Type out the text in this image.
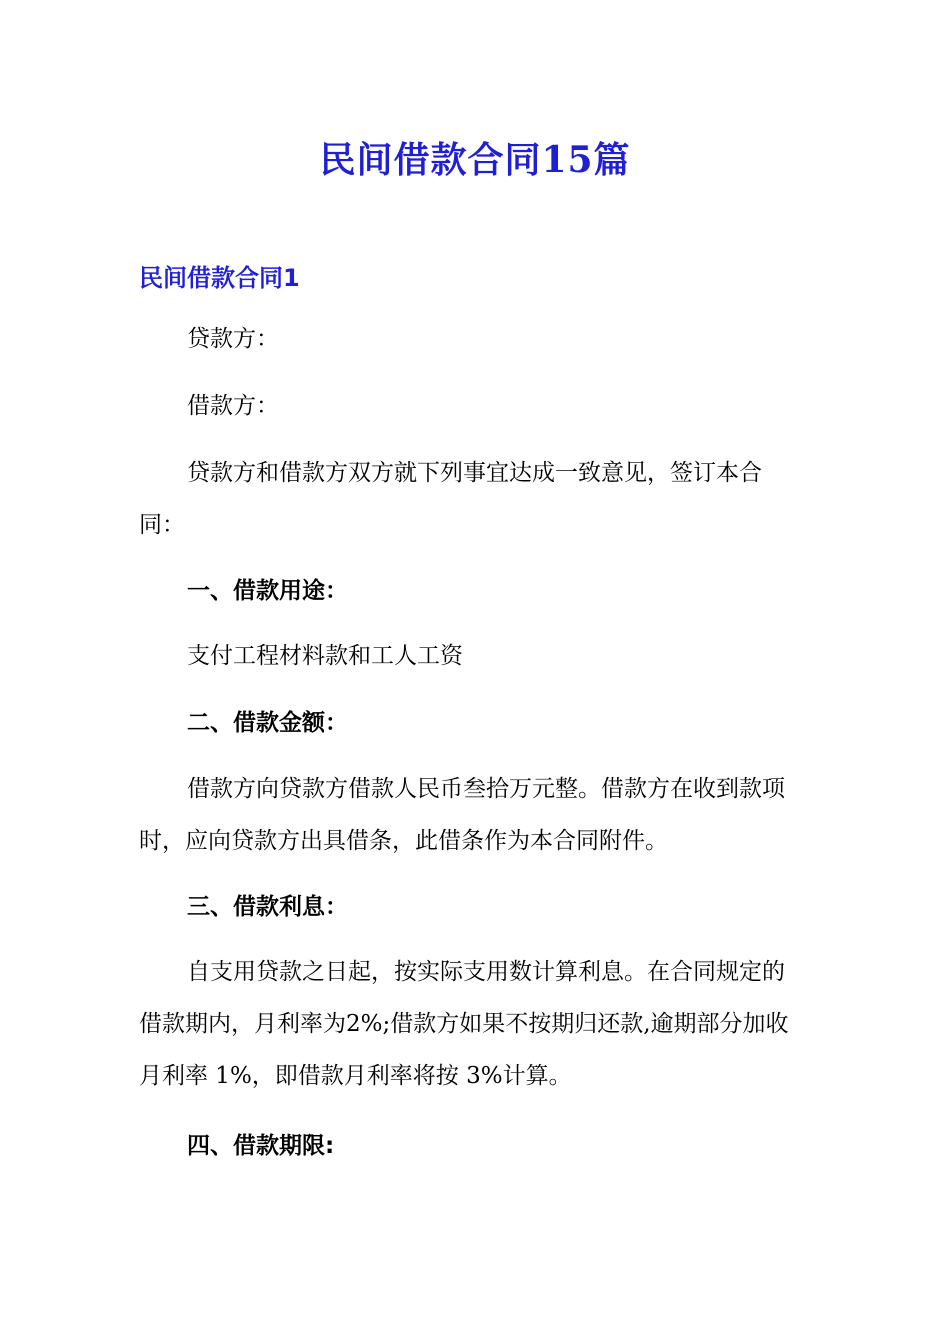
民间借款合同15篇
民间借款合同1

贷款方：

借款方：

贷款方和借款方双方就下列事宜达成一致意见，签订本合同：

一、借款用途：

支付工程材料款和工人工资

二、借款金额：

借款方向贷款方借款人民币叁拾万元整。借款方在收到款项时，应向贷款方出具借条，此借条作为本合同附件。

三、借款利息：

自支用贷款之日起，按实际支用数计算利息。在合同规定的借款期内，月利率为2%;借款方如果不按期归还款,逾期部分加收月利率 1%，即借款月利率将按 3%计算。

四、借款期限:
